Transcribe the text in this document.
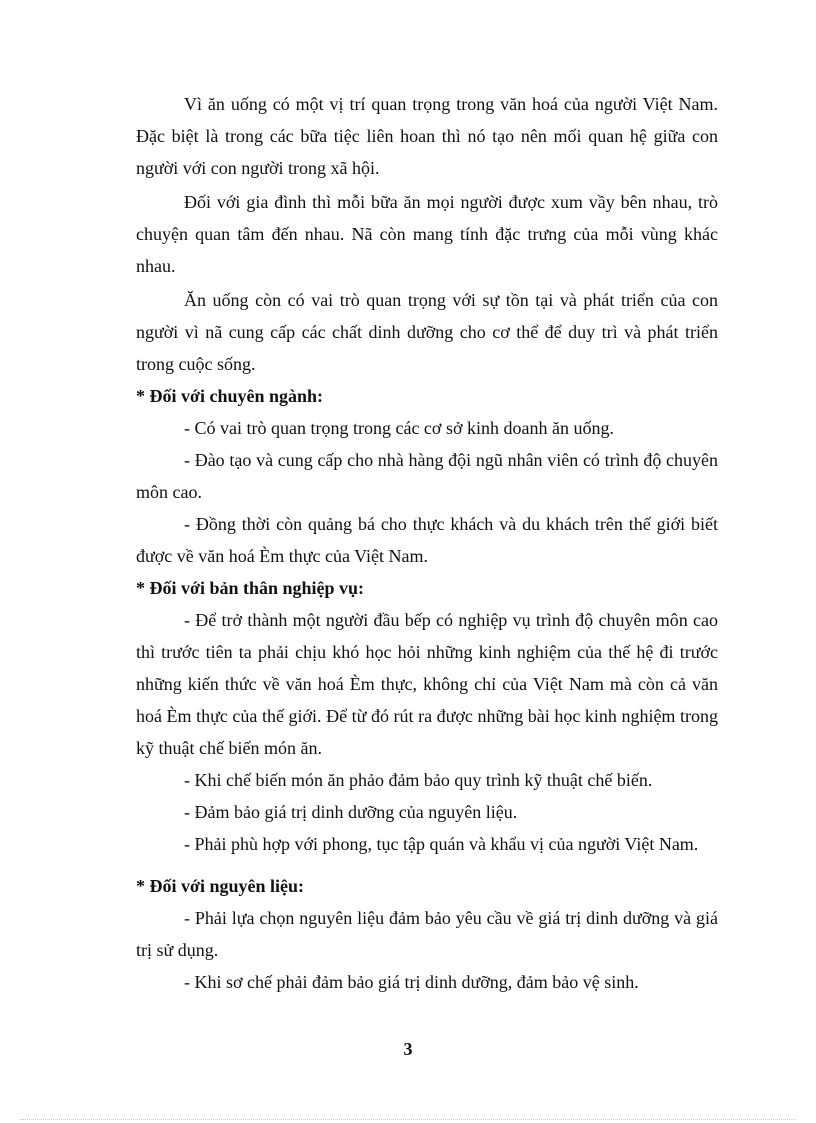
Vì ăn uống có một vị trí quan trọng trong văn hoá của người Việt Nam. Đặc biệt là trong các bữa tiệc liên hoan thì nó tạo nên mối quan hệ giữa con người với con người trong xã hội.

Đối với gia đình thì mỗi bữa ăn mọi người được xum vầy bên nhau, trò chuyện quan tâm đến nhau. Nã còn mang tính đặc trưng của mỗi vùng khác nhau.

Ăn uống còn có vai trò quan trọng với sự tồn tại và phát triển của con người vì nã cung cấp các chất dinh dưỡng cho cơ thể để duy trì và phát triển trong cuộc sống.

* Đối với chuyên ngành:

- Có vai trò quan trọng trong các cơ sở kinh doanh ăn uống.

- Đào tạo và cung cấp cho nhà hàng đội ngũ nhân viên có trình độ chuyên môn cao.

- Đồng thời còn quảng bá cho thực khách và du khách trên thế giới biết được về văn hoá Èm thực của Việt Nam.

* Đối với bản thân nghiệp vụ:

- Để trở thành một người đầu bếp có nghiệp vụ trình độ chuyên môn cao thì trước tiên ta phải chịu khó học hỏi những kinh nghiệm của thế hệ đi trước những kiến thức về văn hoá Èm thực, không chỉ của Việt Nam mà còn cả văn hoá Èm thực của thế giới. Để từ đó rút ra được những bài học kinh nghiệm trong kỹ thuật chế biến món ăn.

- Khi chế biến món ăn phảo đảm bảo quy trình kỹ thuật chế biến.

- Đảm bảo giá trị dinh dưỡng của nguyên liệu.

- Phải phù hợp với phong, tục tập quán và khẩu vị của người Việt Nam.

* Đối với nguyên liệu:

- Phải lựa chọn nguyên liệu đảm bảo yêu cầu về giá trị dinh dưỡng và giá trị sử dụng.

- Khi sơ chế phải đảm bảo giá trị dinh dưỡng, đảm bảo vệ sinh.

3
